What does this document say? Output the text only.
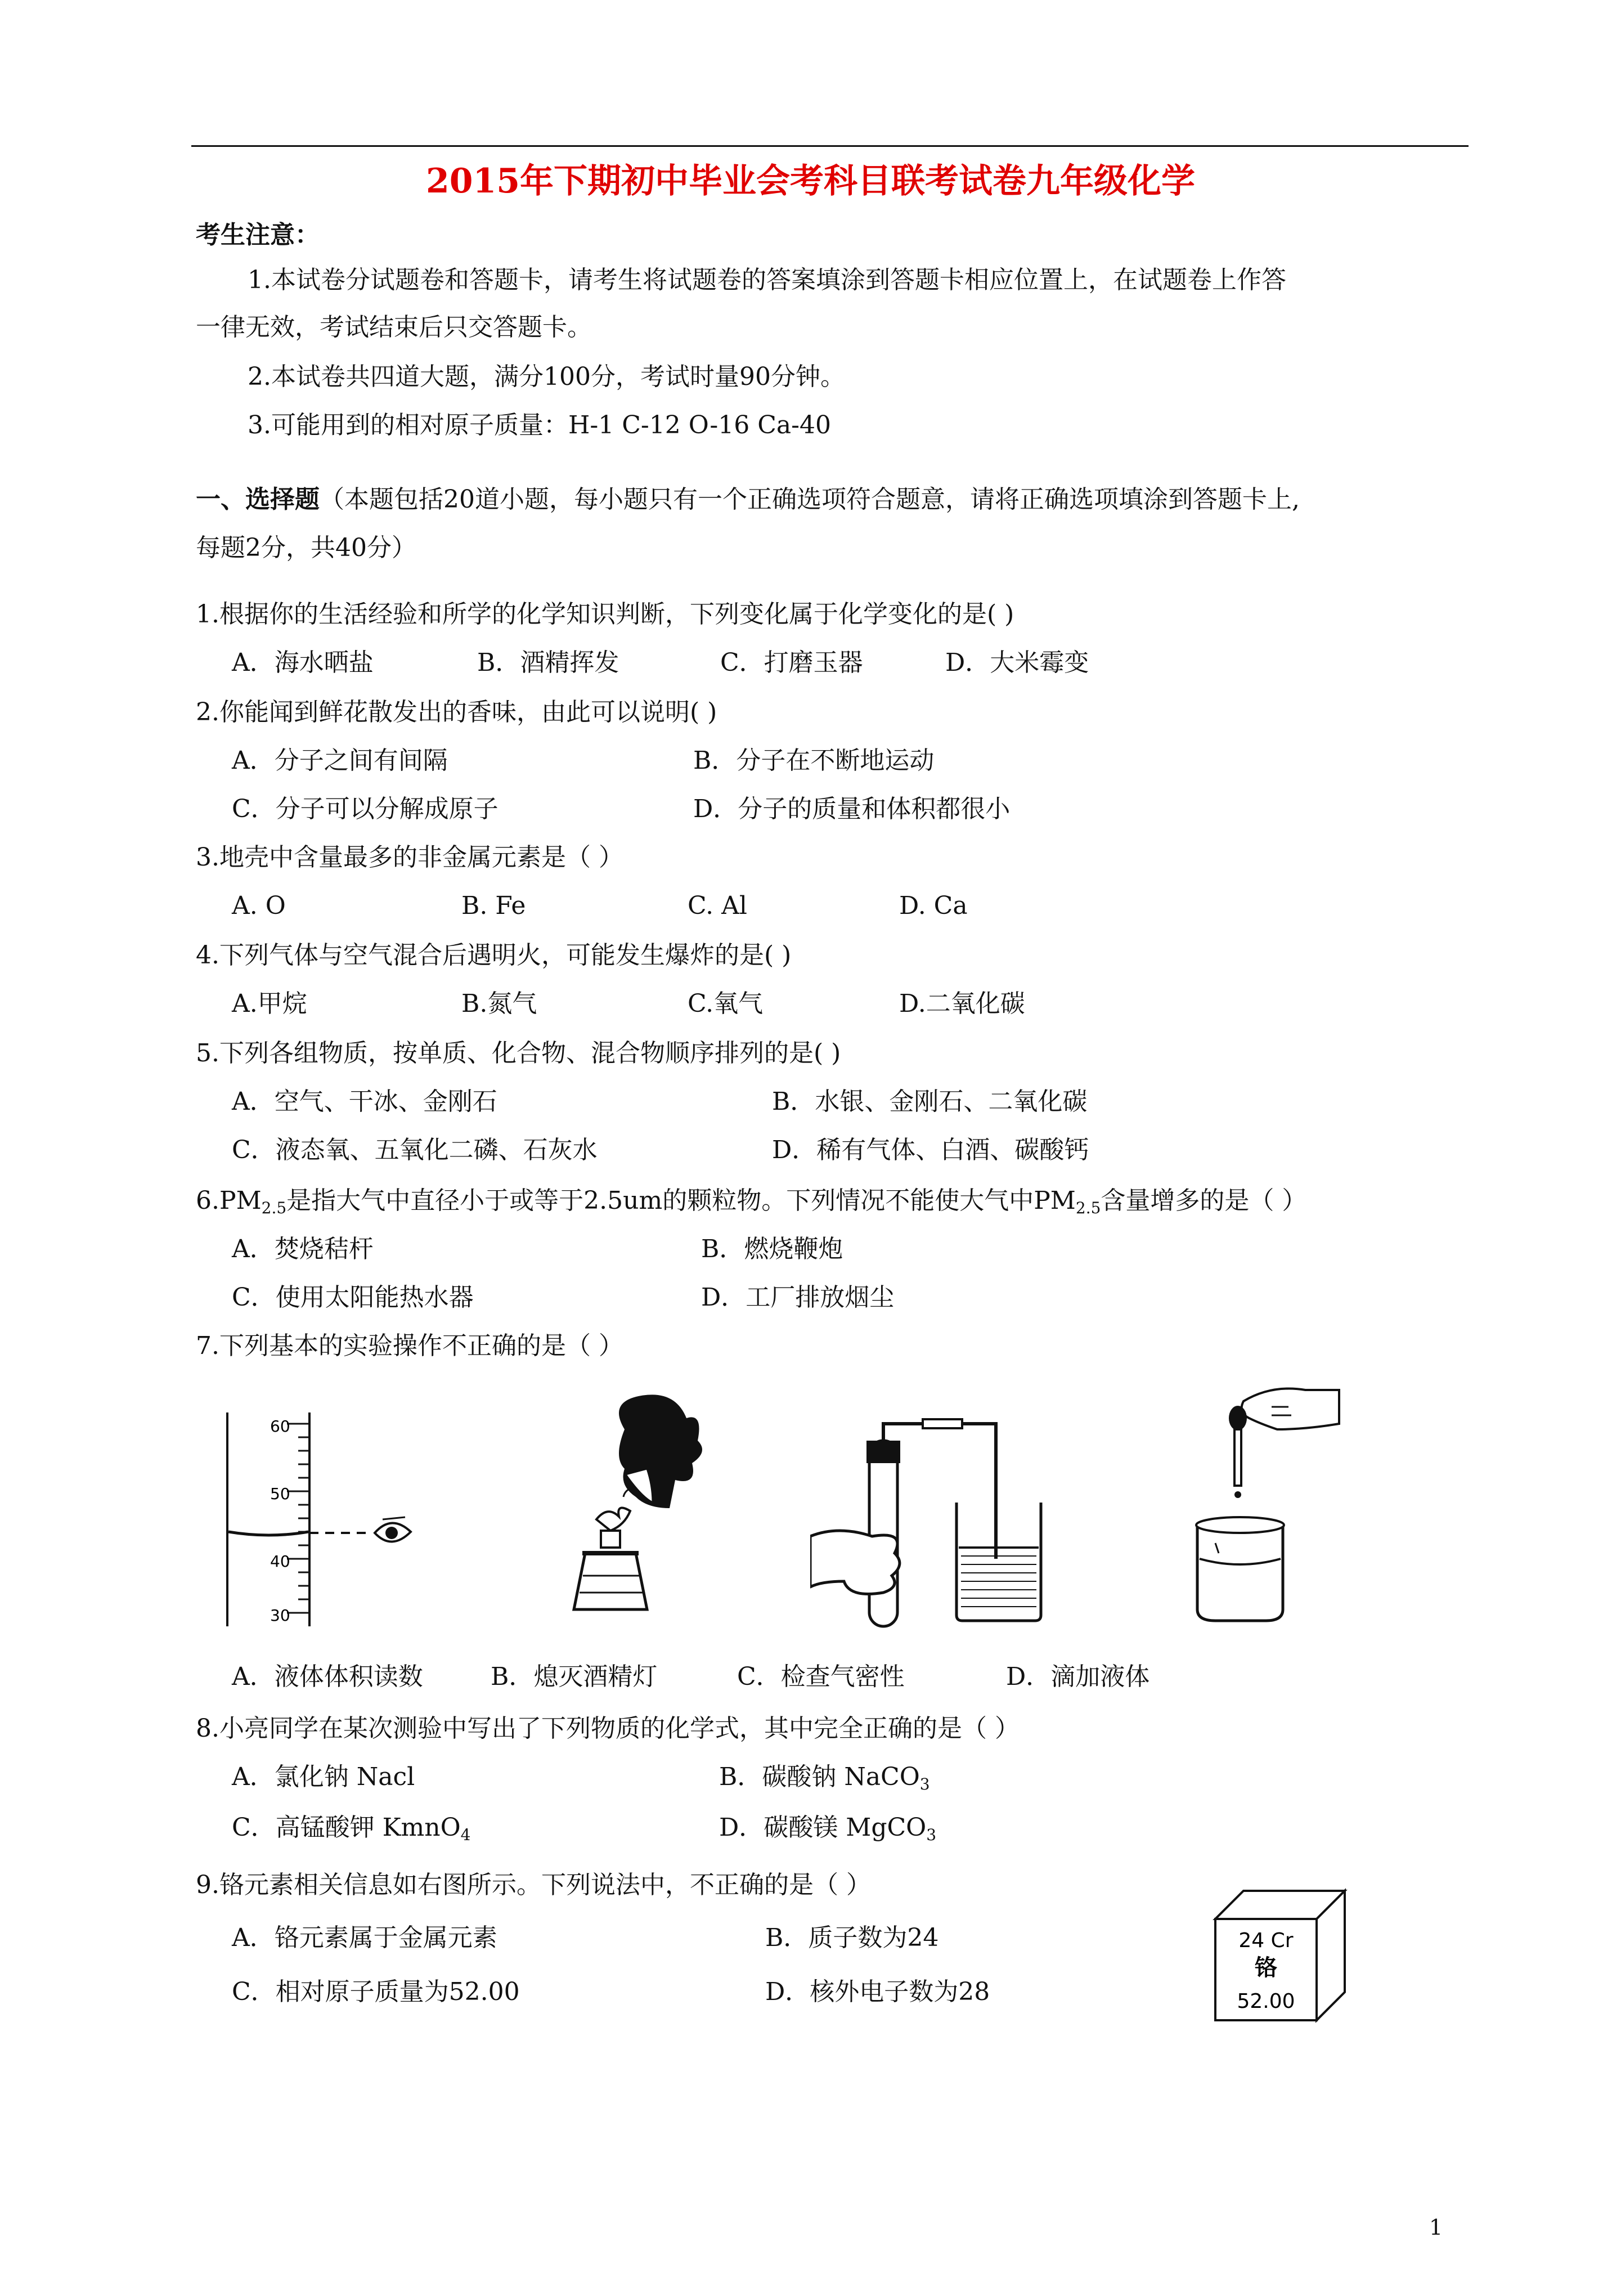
2015年下期初中毕业会考科目联考试卷九年级化学
考生注意：
1.本试卷分试题卷和答题卡，请考生将试题卷的答案填涂到答题卡相应位置上，在试题卷上作答
一律无效，考试结束后只交答题卡。
2.本试卷共四道大题，满分100分，考试时量90分钟。
3.可能用到的相对原子质量：H-1 C-12 O-16 Ca-40
一、选择题（本题包括20道小题，每小题只有一个正确选项符合题意，请将正确选项填涂到答题卡上,
每题2分，共40分）
1.根据你的生活经验和所学的化学知识判断，下列变化属于化学变化的是( )
A．海水晒盐	B．酒精挥发	C．打磨玉器	D．大米霉变
2.你能闻到鲜花散发出的香味，由此可以说明( )
A．分子之间有间隔	B．分子在不断地运动
C．分子可以分解成原子	D．分子的质量和体积都很小
3.地壳中含量最多的非金属元素是（ ）
A. O	B. Fe	C. Al	D. Ca
4.下列气体与空气混合后遇明火，可能发生爆炸的是( )
A.甲烷	B.氮气	C.氧气	D.二氧化碳
5.下列各组物质，按单质、化合物、混合物顺序排列的是( )
A．空气、干冰、金刚石	B．水银、金刚石、二氧化碳
C．液态氧、五氧化二磷、石灰水	D．稀有气体、白酒、碳酸钙
$6.PM_{2.5}$是指大气中直径小于或等于2.5um的颗粒物。下列情况不能使大气中$PM_{2.5}$含量增多的是（ ）
A．焚烧秸杆	B．燃烧鞭炮
C．使用太阳能热水器	D．工厂排放烟尘
7.下列基本的实验操作不正确的是（ ）
60
50
40
30
A．液体体积读数	B．熄灭酒精灯	C．检查气密性	D．滴加液体
8.小亮同学在某次测验中写出了下列物质的化学式，其中完全正确的是（ ）
A．氯化钠 Nacl	B．碳酸钠 NaCO$_3$
C．高锰酸钾 KmnO$_4$	D．碳酸镁 MgCO$_3$
9.铬元素相关信息如右图所示。下列说法中，不正确的是（ ）
A．铬元素属于金属元素	B．质子数为24
C．相对原子质量为52.00	D．核外电子数为28
24 Cr
铬
52.00
1
